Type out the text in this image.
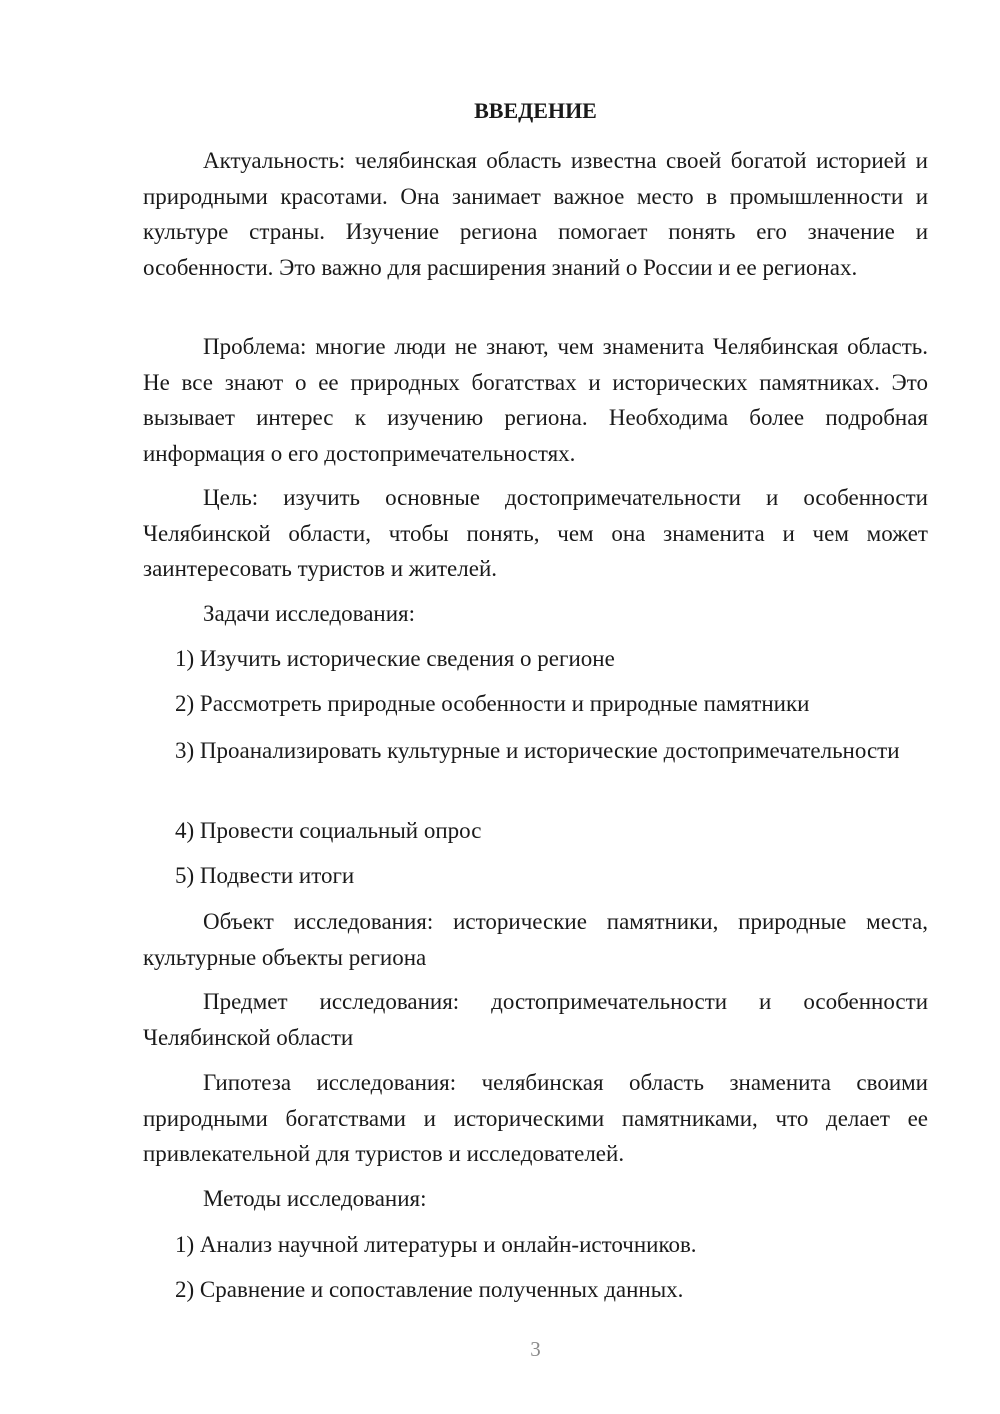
ВВЕДЕНИЕ
Актуальность: челябинская область известна своей богатой историей и природными красотами. Она занимает важное место в промышленности и культуре страны. Изучение региона помогает понять его значение и особенности. Это важно для расширения знаний о России и ее регионах.
Проблема: многие люди не знают, чем знаменита Челябинская область. Не все знают о ее природных богатствах и исторических памятниках. Это вызывает интерес к изучению региона. Необходима более подробная информация о его достопримечательностях.
Цель: изучить основные достопримечательности и особенности Челябинской области, чтобы понять, чем она знаменита и чем может заинтересовать туристов и жителей.
Задачи исследования:
1) Изучить исторические сведения о регионе
2) Рассмотреть природные особенности и природные памятники
3) Проанализировать культурные и исторические достопримечательности
4) Провести социальный опрос
5) Подвести итоги
Объект исследования: исторические памятники, природные места, культурные объекты региона
Предмет исследования: достопримечательности и особенности Челябинской области
Гипотеза исследования: челябинская область знаменита своими природными богатствами и историческими памятниками, что делает ее привлекательной для туристов и исследователей.
Методы исследования:
1) Анализ научной литературы и онлайн-источников.
2) Сравнение и сопоставление полученных данных.
3
